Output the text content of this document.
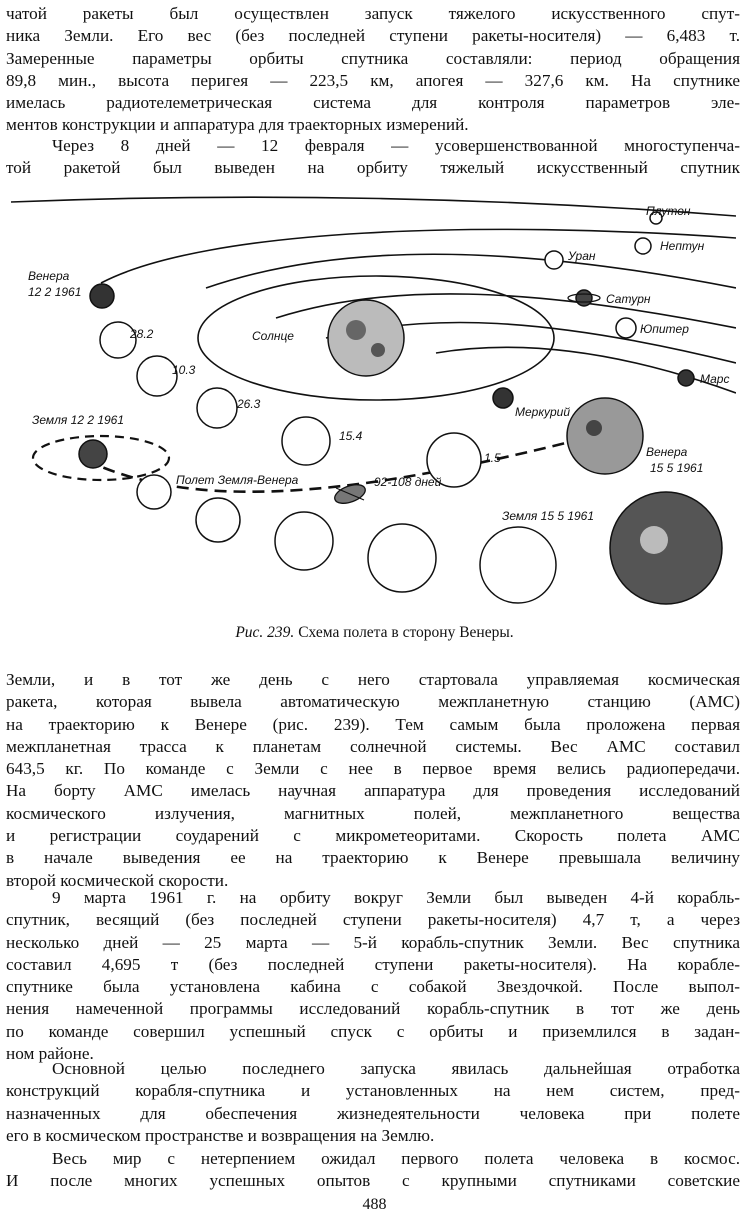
чатой ракеты был осуществлен запуск тяжелого искусственного спут-
ника Земли. Его вес (без последней ступени ракеты-носителя) — 6,483 т.
Замеренные параметры орбиты спутника составляли: период обращения
89,8 мин., высота перигея — 223,5 км, апогея — 327,6 км. На спутнике
имелась радиотелеметрическая система для контроля параметров эле-
ментов конструкции и аппаратура для траекторных измерений.

Через 8 дней — 12 февраля — усовершенствованной многоступенча-
той ракетой был выведен на орбиту тяжелый искусственный спутник

Плутон
Нептун
Уран
Сатурн
Юпитер
Марс
Меркурий
Солнце
Венера
12 2 1961
Земля 12 2 1961
Венера
15 5 1961
Земля 15 5 1961
Полет Земля-Венера	92-108 дней
28.2
10.3
26.3
15.4
1.5
Рис. 239. Схема полета в сторону Венеры.

Земли, и в тот же день с него стартовала управляемая космическая
ракета, которая вывела автоматическую межпланетную станцию (АМС)
на траекторию к Венере (рис. 239). Тем самым была проложена первая
межпланетная трасса к планетам солнечной системы. Вес АМС составил
643,5 кг. По команде с Земли с нее в первое время велись радиопередачи.
На борту АМС имелась научная аппаратура для проведения исследований
космического излучения, магнитных полей, межпланетного вещества
и регистрации соударений с микрометеоритами. Скорость полета АМС
в начале выведения ее на траекторию к Венере превышала величину
второй космической скорости.

9 марта 1961 г. на орбиту вокруг Земли был выведен 4-й корабль-
спутник, весящий (без последней ступени ракеты-носителя) 4,7 т, а через
несколько дней — 25 марта — 5-й корабль-спутник Земли. Вес спутника
составил 4,695 т (без последней ступени ракеты-носителя). На корабле-
спутнике была установлена кабина с собакой Звездочкой. После выпол-
нения намеченной программы исследований корабль-спутник в тот же день
по команде совершил успешный спуск с орбиты и приземлился в задан-
ном районе.

Основной целью последнего запуска явилась дальнейшая отработка
конструкций корабля-спутника и установленных на нем систем, пред-
назначенных для обеспечения жизнедеятельности человека при полете
его в космическом пространстве и возвращения на Землю.

Весь мир с нетерпением ожидал первого полета человека в космос.
И после многих успешных опытов с крупными спутниками советские

488
